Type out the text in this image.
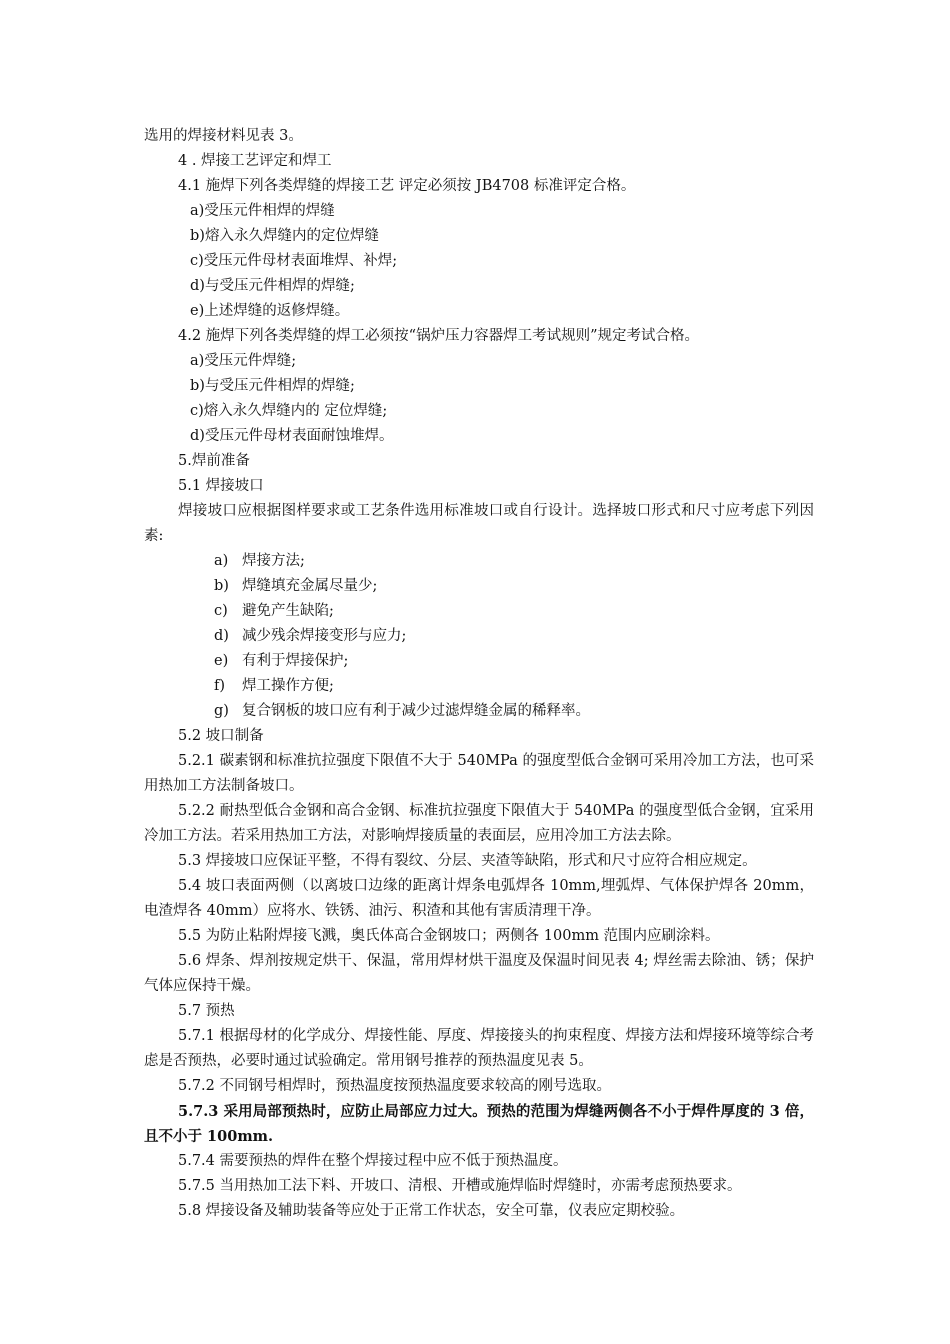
选用的焊接材料见表 3。
4 . 焊接工艺评定和焊工
4.1 施焊下列各类焊缝的焊接工艺 评定必须按 JB4708 标准评定合格。
a)受压元件相焊的焊缝
b)熔入永久焊缝内的定位焊缝
c)受压元件母材表面堆焊、补焊;
d)与受压元件相焊的焊缝;
e)上述焊缝的返修焊缝。
4.2 施焊下列各类焊缝的焊工必须按“锅炉压力容器焊工考试规则”规定考试合格。
a)受压元件焊缝;
b)与受压元件相焊的焊缝;
c)熔入永久焊缝内的 定位焊缝;
d)受压元件母材表面耐蚀堆焊。
5.焊前准备
5.1 焊接坡口
焊接坡口应根据图样要求或工艺条件选用标准坡口或自行设计。选择坡口形式和尺寸应考虑下列因素:
a) 焊接方法;
b) 焊缝填充金属尽量少;
c) 避免产生缺陷;
d) 减少残余焊接变形与应力;
e) 有利于焊接保护;
f) 焊工操作方便;
g) 复合钢板的坡口应有利于减少过滤焊缝金属的稀释率。
5.2 坡口制备
5.2.1 碳素钢和标准抗拉强度下限值不大于 540MPa 的强度型低合金钢可采用冷加工方法，也可采用热加工方法制备坡口。
5.2.2 耐热型低合金钢和高合金钢、标准抗拉强度下限值大于 540MPa 的强度型低合金钢，宜采用冷加工方法。若采用热加工方法，对影响焊接质量的表面层，应用冷加工方法去除。
5.3 焊接坡口应保证平整，不得有裂纹、分层、夹渣等缺陷，形式和尺寸应符合相应规定。
5.4 坡口表面两侧（以离坡口边缘的距离计焊条电弧焊各 10mm,埋弧焊、气体保护焊各 20mm，电渣焊各 40mm）应将水、铁锈、油污、积渣和其他有害质清理干净。
5.5 为防止粘附焊接飞溅，奥氏体高合金钢坡口；两侧各 100mm 范围内应刷涂料。
5.6 焊条、焊剂按规定烘干、保温，常用焊材烘干温度及保温时间见表 4; 焊丝需去除油、锈；保护气体应保持干燥。
5.7 预热
5.7.1 根据母材的化学成分、焊接性能、厚度、焊接接头的拘束程度、焊接方法和焊接环境等综合考虑是否预热，必要时通过试验确定。常用钢号推荐的预热温度见表 5。
5.7.2 不同钢号相焊时，预热温度按预热温度要求较高的刚号选取。
5.7.3 采用局部预热时，应防止局部应力过大。预热的范围为焊缝两侧各不小于焊件厚度的 3 倍，且不小于 100mm.
5.7.4 需要预热的焊件在整个焊接过程中应不低于预热温度。
5.7.5 当用热加工法下料、开坡口、清根、开槽或施焊临时焊缝时，亦需考虑预热要求。
5.8 焊接设备及辅助装备等应处于正常工作状态，安全可靠，仪表应定期校验。
